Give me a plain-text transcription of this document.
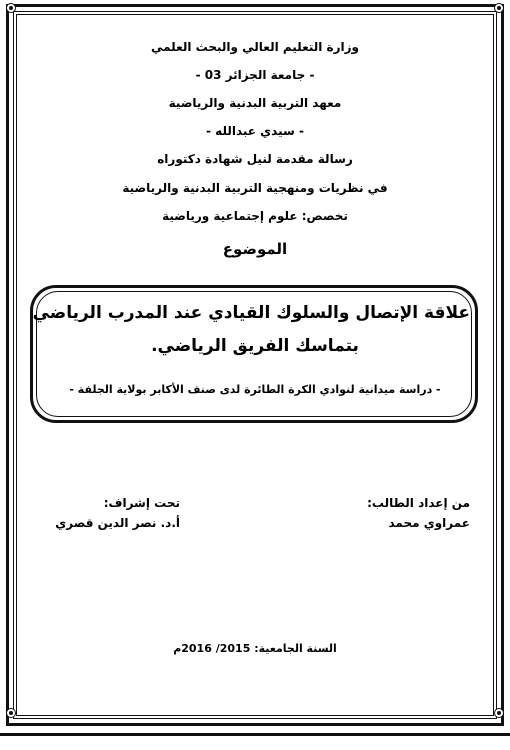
وزارة التعليم العالي والبحث العلمي
- جامعة الجزائر 03 -
معهد التربية البدنية والرياضية
- سيدي عبدالله -
رسالة مقدمة لنيل شهادة دكتوراه
في نظريات ومنهجية التربية البدنية والرياضية
تخصص: علوم إجتماعية ورياضية
الموضوع
علاقة الإتصال والسلوك القيادي عند المدرب الرياضي
بتماسك الفريق الرياضي.
- دراسة ميدانية لنوادي الكرة الطائرة لدى صنف الأكابر بولاية الجلفة -
من إعداد الطالب:
عمراوي محمد
تحت إشراف:
أ.د. نصر الدين قصري
السنة الجامعية: 2015/ 2016م
